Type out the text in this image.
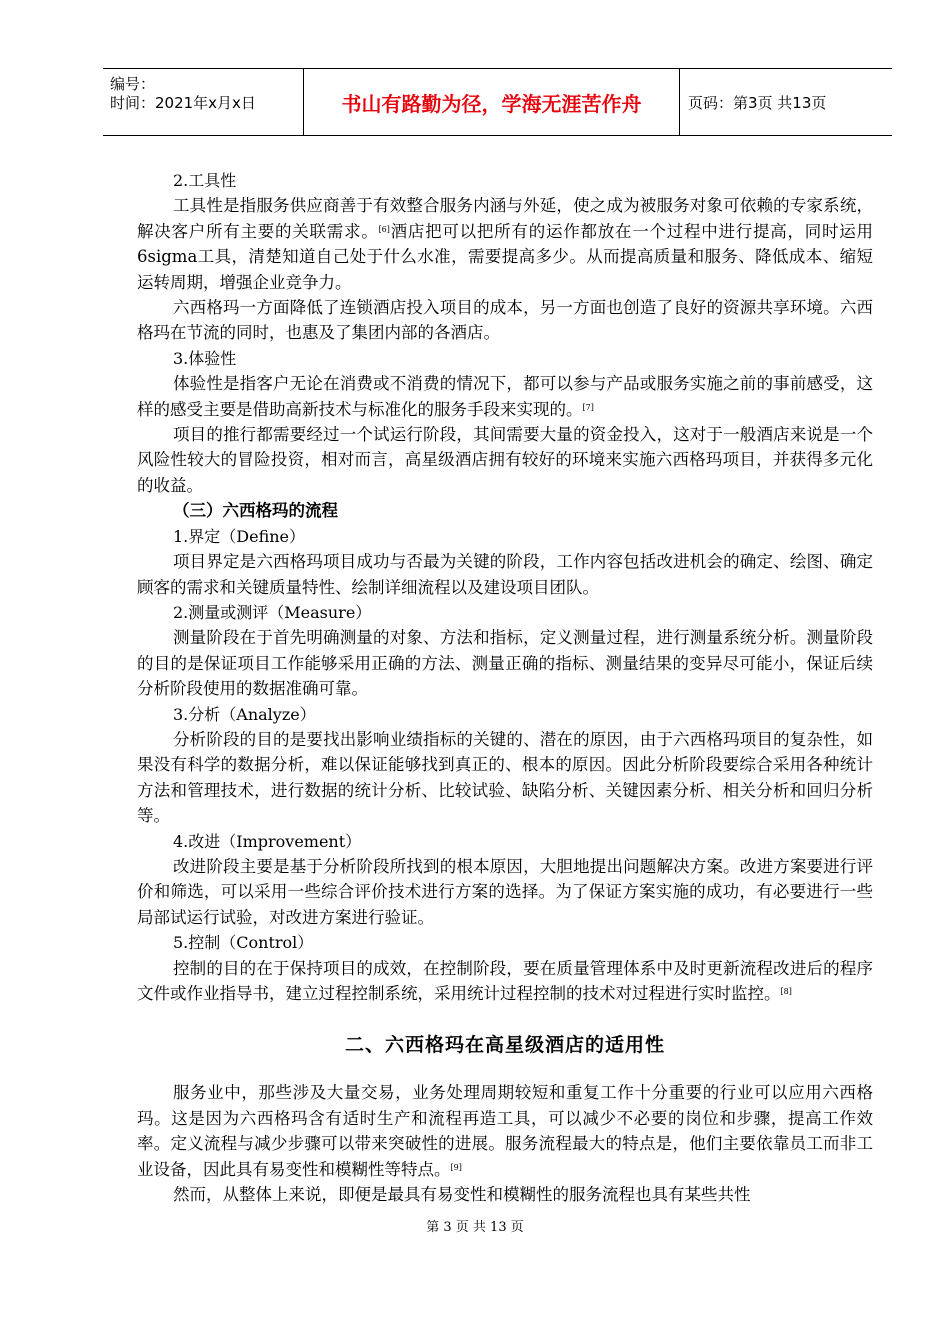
编号：
时间：2021年x月x日	书山有路勤为径，学海无涯苦作舟	页码：第3页 共13页

2.工具性

工具性是指服务供应商善于有效整合服务内涵与外延，使之成为被服务对象可依赖的专家系统，解决客户所有主要的关联需求。[6]酒店把可以把所有的运作都放在一个过程中进行提高，同时运用6sigma工具，清楚知道自己处于什么水准，需要提高多少。从而提高质量和服务、降低成本、缩短运转周期，增强企业竞争力。

六西格玛一方面降低了连锁酒店投入项目的成本，另一方面也创造了良好的资源共享环境。六西格玛在节流的同时，也惠及了集团内部的各酒店。

3.体验性

体验性是指客户无论在消费或不消费的情况下，都可以参与产品或服务实施之前的事前感受，这样的感受主要是借助高新技术与标准化的服务手段来实现的。[7]

项目的推行都需要经过一个试运行阶段，其间需要大量的资金投入，这对于一般酒店来说是一个风险性较大的冒险投资，相对而言，高星级酒店拥有较好的环境来实施六西格玛项目，并获得多元化的收益。

（三）六西格玛的流程

1.界定（Define）

项目界定是六西格玛项目成功与否最为关键的阶段，工作内容包括改进机会的确定、绘图、确定顾客的需求和关键质量特性、绘制详细流程以及建设项目团队。

2.测量或测评（Measure）

测量阶段在于首先明确测量的对象、方法和指标，定义测量过程，进行测量系统分析。测量阶段的目的是保证项目工作能够采用正确的方法、测量正确的指标、测量结果的变异尽可能小，保证后续分析阶段使用的数据准确可靠。

3.分析（Analyze）

分析阶段的目的是要找出影响业绩指标的关键的、潜在的原因，由于六西格玛项目的复杂性，如果没有科学的数据分析，难以保证能够找到真正的、根本的原因。因此分析阶段要综合采用各种统计方法和管理技术，进行数据的统计分析、比较试验、缺陷分析、关键因素分析、相关分析和回归分析等。

4.改进（Improvement）

改进阶段主要是基于分析阶段所找到的根本原因，大胆地提出问题解决方案。改进方案要进行评价和筛选，可以采用一些综合评价技术进行方案的选择。为了保证方案实施的成功，有必要进行一些局部试运行试验，对改进方案进行验证。

5.控制（Control）

控制的目的在于保持项目的成效，在控制阶段，要在质量管理体系中及时更新流程改进后的程序文件或作业指导书，建立过程控制系统，采用统计过程控制的技术对过程进行实时监控。[8]

二、六西格玛在高星级酒店的适用性

服务业中，那些涉及大量交易，业务处理周期较短和重复工作十分重要的行业可以应用六西格玛。这是因为六西格玛含有适时生产和流程再造工具，可以减少不必要的岗位和步骤，提高工作效率。定义流程与减少步骤可以带来突破性的进展。服务流程最大的特点是，他们主要依靠员工而非工业设备，因此具有易变性和模糊性等特点。[9]

然而，从整体上来说，即便是最具有易变性和模糊性的服务流程也具有某些共性

第 3 页 共 13 页
